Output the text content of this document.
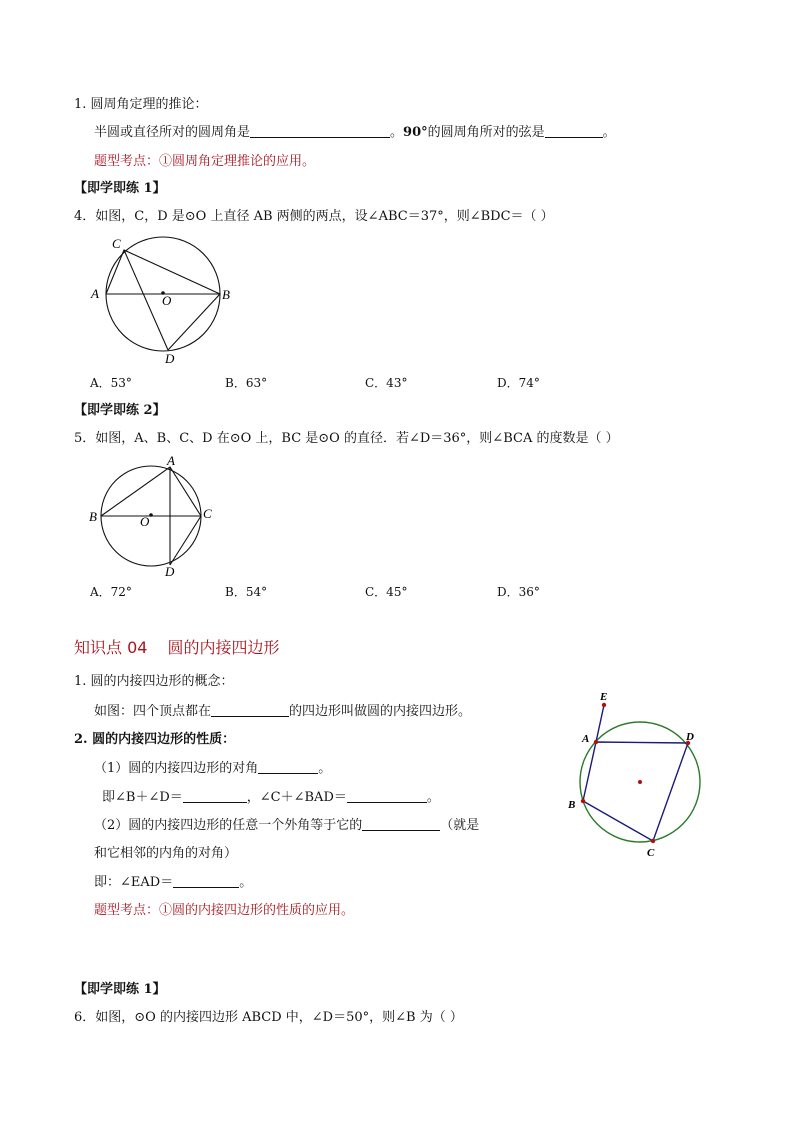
1. 圆周角定理的推论：
半圆或直径所对的圆周角是	。90°的圆周角所对的弦是	。
题型考点：①圆周角定理推论的应用。
【即学即练 1】
4．如图，C，D 是⊙O 上直径 AB 两侧的两点，设∠ABC＝37°，则∠BDC＝（ ）
C
A	B
O
D
A．53°	B．63°	C．43°	D．74°
【即学即练 2】
5．如图，A、B、C、D 在⊙O 上，BC 是⊙O 的直径．若∠D＝36°，则∠BCA 的度数是（ ）
A
B	C
O
D
A．72°	B．54°	C．45°	D．36°
知识点 04 圆的内接四边形
1. 圆的内接四边形的概念：
如图：四个顶点都在	的四边形叫做圆的内接四边形。
2. 圆的内接四边形的性质：
（1）圆的内接四边形的对角	。
即∠B＋∠D＝	，∠C＋∠BAD＝	。
（2）圆的内接四边形的任意一个外角等于它的	（就是
和它相邻的内角的对角）
即：∠EAD＝	。
题型考点：①圆的内接四边形的性质的应用。
E
A	D
B
C
【即学即练 1】
6．如图，⊙O 的内接四边形 ABCD 中，∠D＝50°，则∠B 为（ ）
